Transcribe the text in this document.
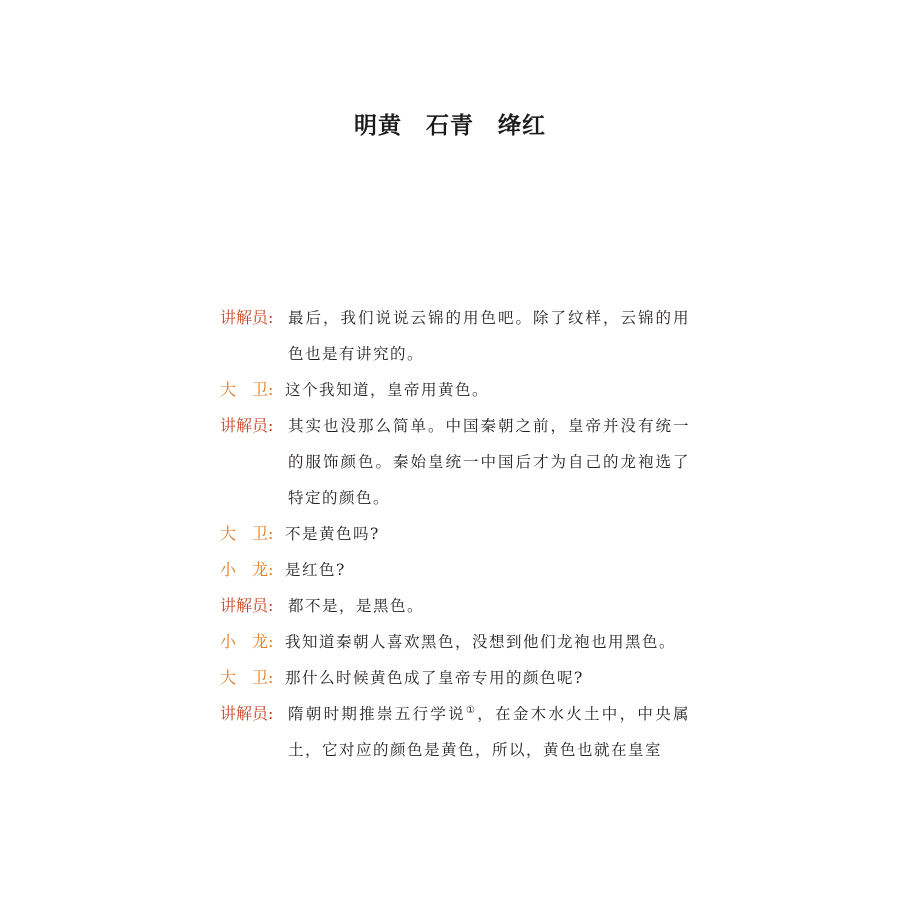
明黄　石青　绛红
讲解员: 最后，我们说说云锦的用色吧。除了纹样，云锦的用色也是有讲究的。
大　卫: 这个我知道，皇帝用黄色。
讲解员: 其实也没那么简单。中国秦朝之前，皇帝并没有统一的服饰颜色。秦始皇统一中国后才为自己的龙袍选了特定的颜色。
大　卫: 不是黄色吗?
小　龙: 是红色?
讲解员: 都不是，是黑色。
小　龙: 我知道秦朝人喜欢黑色，没想到他们龙袍也用黑色。
大　卫: 那什么时候黄色成了皇帝专用的颜色呢?
讲解员: 隋朝时期推崇五行学说①，在金木水火土中，中央属土，它对应的颜色是黄色，所以，黄色也就在皇室
